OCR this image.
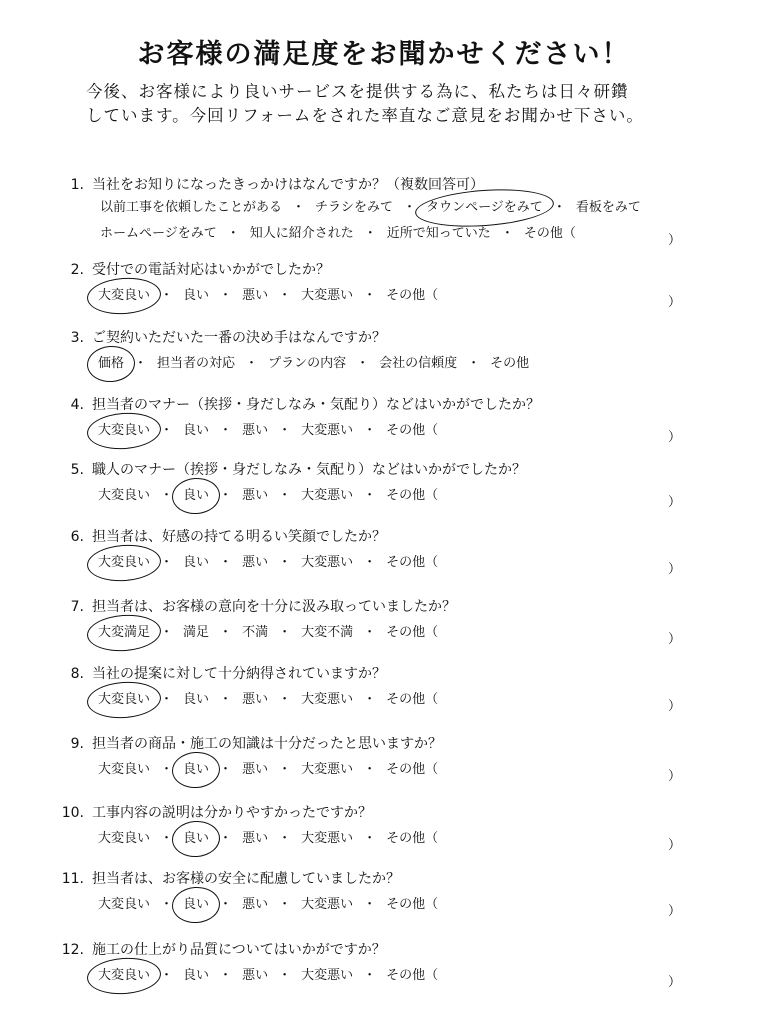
お客様の満足度をお聞かせください！
今後、お客様により良いサービスを提供する為に、私たちは日々研鑽
しています。今回リフォームをされた率直なご意見をお聞かせ下さい。
1. 当社をお知りになったきっかけはなんですか？（複数回答可）
以前工事を依頼したことがある ・ チラシをみて ・ タウンページをみて ・ 看板をみて
ホームページをみて ・ 知人に紹介された ・ 近所で知っていた ・ その他（	）
2. 受付での電話対応はいかがでしたか？
大変良い ・ 良い ・ 悪い ・ 大変悪い ・ その他（	）
3. ご契約いただいた一番の決め手はなんですか？
価格 ・ 担当者の対応 ・ プランの内容 ・ 会社の信頼度 ・ その他
4. 担当者のマナー（挨拶・身だしなみ・気配り）などはいかがでしたか？
大変良い ・ 良い ・ 悪い ・ 大変悪い ・ その他（	）
5. 職人のマナー（挨拶・身だしなみ・気配り）などはいかがでしたか？
大変良い ・ 良い ・ 悪い ・ 大変悪い ・ その他（	）
6. 担当者は、好感の持てる明るい笑顔でしたか？
大変良い ・ 良い ・ 悪い ・ 大変悪い ・ その他（	）
7. 担当者は、お客様の意向を十分に汲み取っていましたか？
大変満足 ・ 満足 ・ 不満 ・ 大変不満 ・ その他（	）
8. 当社の提案に対して十分納得されていますか？
大変良い ・ 良い ・ 悪い ・ 大変悪い ・ その他（	）
9. 担当者の商品・施工の知識は十分だったと思いますか？
大変良い ・ 良い ・ 悪い ・ 大変悪い ・ その他（	）
10. 工事内容の説明は分かりやすかったですか？
大変良い ・ 良い ・ 悪い ・ 大変悪い ・ その他（	）
11. 担当者は、お客様の安全に配慮していましたか？
大変良い ・ 良い ・ 悪い ・ 大変悪い ・ その他（	）
12. 施工の仕上がり品質についてはいかがですか？
大変良い ・ 良い ・ 悪い ・ 大変悪い ・ その他（	）
